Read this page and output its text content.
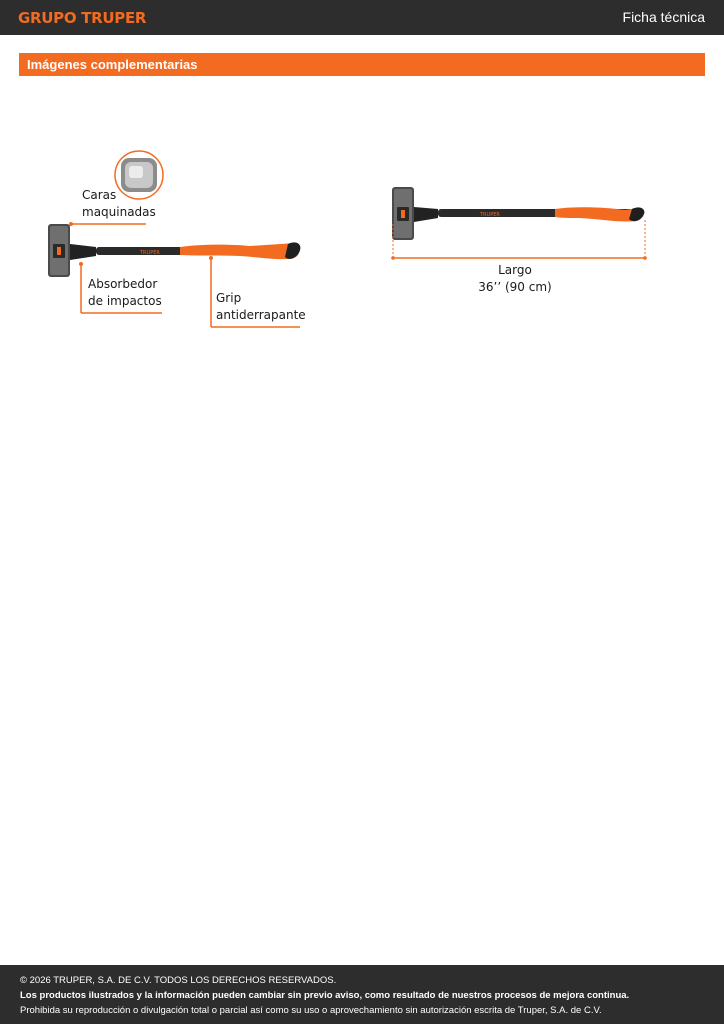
GRUPO TRUPER	Ficha técnica
Imágenes complementarias
TRUPER
Caras
maquinadas
Absorbedor
de impactos	Grip
antiderrapante
TRUPER
Largo
36’’ (90 cm)
© 2026 TRUPER, S.A. DE C.V. TODOS LOS DERECHOS RESERVADOS.
Los productos ilustrados y la información pueden cambiar sin previo aviso, como resultado de nuestros procesos de mejora continua.
Prohibida su reproducción o divulgación total o parcial así como su uso o aprovechamiento sin autorización escrita de Truper, S.A. de C.V.
